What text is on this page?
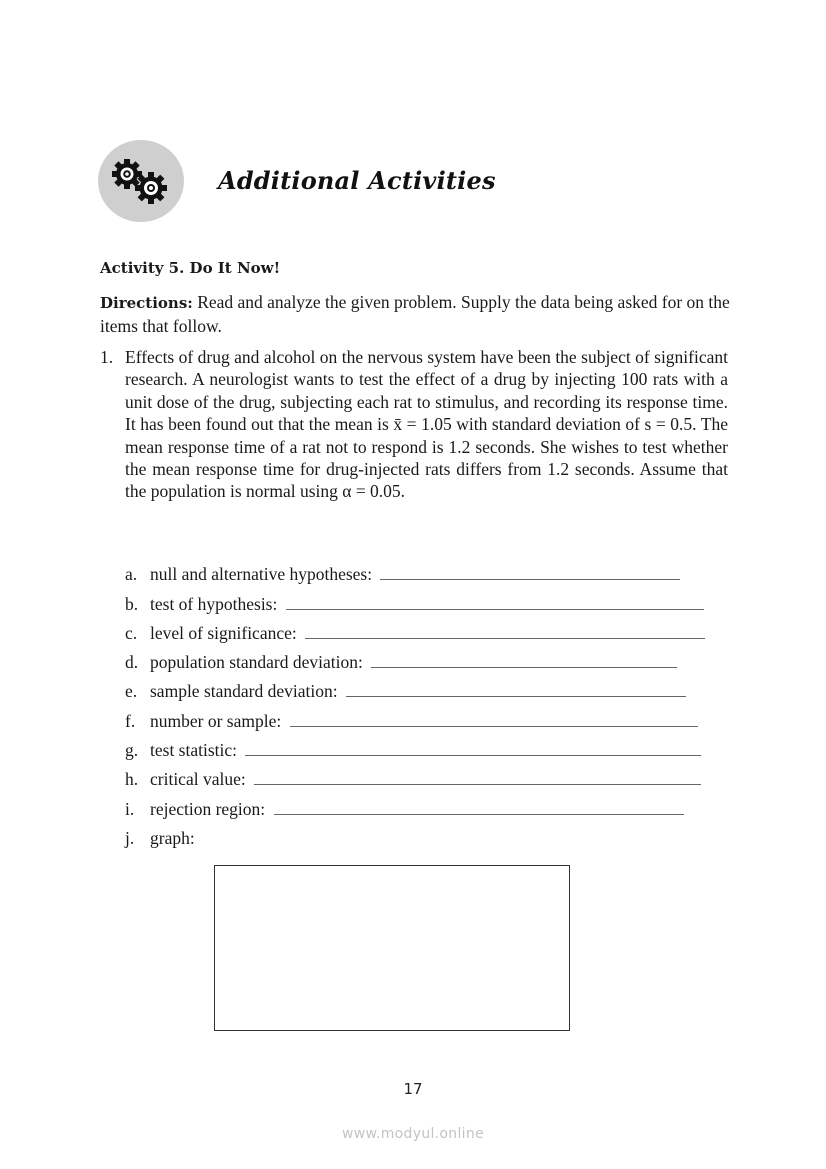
Additional Activities
Activity 5. Do It Now!
Directions: Read and analyze the given problem. Supply the data being asked for on the items that follow.
1. Effects of drug and alcohol on the nervous system have been the subject of significant research. A neurologist wants to test the effect of a drug by injecting 100 rats with a unit dose of the drug, subjecting each rat to stimulus, and recording its response time. It has been found out that the mean is x̄ = 1.05 with standard deviation of s = 0.5. The mean response time of a rat not to respond is 1.2 seconds. She wishes to test whether the mean response time for drug-injected rats differs from 1.2 seconds. Assume that the population is normal using α = 0.05.
a. null and alternative hypotheses:
b. test of hypothesis:
c. level of significance:
d. population standard deviation:
e. sample standard deviation:
f. number or sample:
g. test statistic:
h. critical value:
i. rejection region:
j. graph:
17
www.modyul.online
